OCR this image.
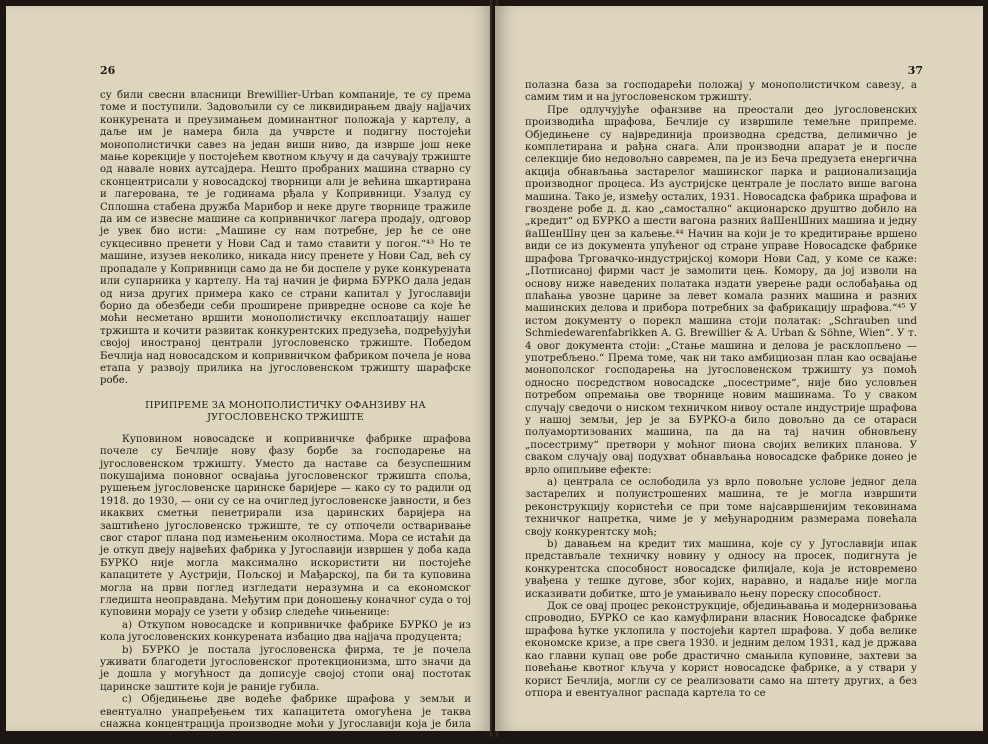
26

су били свесни власници Brewillier-Urban компаније, те су према томе и поступили. Задовољили су се ликвидирањем двају најјачих конкурената и преузимањем доминантног положаја у картелу, а даље им је намера била да учврсте и подигну постојећи монополистички савез на један виши ниво, да изврше још неке мање корекције у постојећем квотном кључу и да сачувају тржиште од навале нових аутсајдера. Нешто пробраних машина стварно су сконцентрисали у новосадској творници али је већина шкартирана и лагерована, те је годинама рђала у Копривници. Узалуд су Сплошна стабена дружба Марибор и неке друге творнице тражиле да им се извесне машине са копривничког лагера продају, одговор је увек био исти: „Машине су нам потребне, јер ће се оне сукцесивно пренети у Нови Сад и тамо ставити у погон.“⁴³ Но те машине, изузев неколико, никада нису пренете у Нови Сад, већ су пропадале у Копривници само да не би доспеле у руке конкурената или супарника у картелу. На тај начин је фирма БУРКО дала један од низа других примера како се страни капитал у Југославији борио да обезбеди себи проширене привредне основе са које ће моћи несметано вршити монополистичку експлоатацију нашег тржишта и кочити развитак конкурентских предузећа, подређујући својој иностраној централи југословенско тржиште. Победом Бечлија над новосадском и копривничком фабриком почела је нова етапа у развоју прилика на југословенском тржишту шарафске робе.

ПРИПРЕМЕ ЗА МОНОПОЛИСТИЧКУ ОФАНЗИВУ НА ЈУГОСЛОВЕНСКО ТРЖИШТЕ

Куповином новосадске и копривничке фабрике шрафова почеле су Бечлије нову фазу борбе за господарење на југословенском тржишту. Уместо да наставе са безуспешним покушајима поновног освајања југословенског тржишта споља, рушењем југословенске царинске баријере — како су то радили од 1918. до 1930, — они су се на очиглед југословенске јавности, и без икаквих сметњи пенетрирали иза царинских баријера на заштићено југословенско тржиште, те су отпочели остваривање свог старог плана под измењеним околностима. Мора се истаћи да је откуп двеју највећих фабрика у Југославији извршен у доба када БУРКО није могла максимално искористити ни постојеће капацитете у Аустрији, Пољској и Мађарској, па би та куповина могла на први поглед изгледати неразумна и са економског гледишта неоправдана. Међутим при доношењу коначног суда о тој куповини морају се узети у обзир следеће чињенице:

а) Откупом новосадске и копривничке фабрике БУРКО је из кола југословенских конкурената избацио два најјача продуцента;

b) БУРКО је постала југословенска фирма, те је почела уживати благодети југословенског протекционизма, што значи да је дошла у могућност да дописује својој стопи онај постотак царинске заштите који је раније губила.

c) Обједињење две водеће фабрике шрафова у земљи и евентуално унапређењем тих капацитета омогућена је таква снажна концентрација производне моћи у Југославији која је била сигурна

37

полазна база за господарећи положај у монополистичком савезу, а самим тим и на југословенском тржишту.

Пре одлучујуће офанзиве на преостали део југословенских производића шрафова, Бечлије су извршиле темељне припреме. Обједињене су најврединија производна средства, делимично је комплетирана и рађна снага. Али производни апарат је и после селекције био недовољно савремен, па је из Беча предузета енергична акција обнављања застарелог машинског парка и рационализација производног процеса. Из аустријске централе је послато више вагона машина. Тако је, између осталих, 1931. Новосадска фабрика шрафова и гвоздене робе д. д. као „самостално“ акционарско друштво добило на „кредит“ од БУРКО а шести вагона разних йаШенШних машина и једну йаШенШну цен за каљење.⁴⁴ Начин на који је то кредитирање вршено види се из документа упућеног од стране управе Новосадске фабрике шрафова Трговачко-индустријској комори Нови Сад, у коме се каже: „Потписаној фирми част је замолити цењ. Комору, да јој изволи на основу ниже наведених полатака издати уверење ради ослобађања од плаћања увозне царине за левет комала разних машина и разних машинских делова и прибора потребних за фабрикацију шрафова.“⁴⁵ У истом документу о порекл машина стоји полатак: „Schrauben und Schmiedewarenfabrikken A. G. Brewillier & A. Urban & Söhne, Wien“. У т. 4 овог документа стоји: „Стање машина и делова је расклопљено — употребљено.“ Према томе, чак ни тако амбициозан план као освајање монополског господарења на југословенском тржишту уз помоћ односно посредством новосадске „посестриме“, није био условљен потребом опремања ове творнице новим машинама. То у сваком случају сведочи о ниском техничком нивоу остале индустрије шрафова у нашој земљи, јер је за БУРКО-а било довољно да се отараси полуамортизованих машина, па да на тај начин обновљену „посестриму“ претвори у моћног пиона својих великих планова. У сваком случају овај подухват обнављања новосадске фабрике донео је врло опипљиве ефекте:

а) централа се ослободила уз врло повољне услове једног дела застарелих и полуистрошених машина, те је могла извршити реконструкцију користећи се при томе најсавршенијим тековинама техничког напретка, чиме је у међународним размерама повећала своју конкурентску моћ;

b) давањем на кредит тих машина, које су у Југославији ипак представљале техничку новину у односу на просек, подигнута је конкурентска способност новосадске филијале, која је истовремено увађена у тешке дугове, због којих, наравно, и надаље није могла исказивати добитке, што је умањивало њену пореску способност.

Док се овај процес реконструкције, обједињавања и модернизовања спроводио, БУРКО се као камуфлирани власник Новосадске фабрике шрафова ћутке уклопила у постојећи картел шрафова. У доба велике економске кризе, а пре свега 1930. и једним делом 1931, кад је држава као главни купац ове робе драстично смањила куповине, захтеви за повећање квотног кључа у корист новосадске фабрике, а у ствари у корист Бечлија, могли су се реализовати само на штету других, а без отпора и евентуалног распада картела то се
